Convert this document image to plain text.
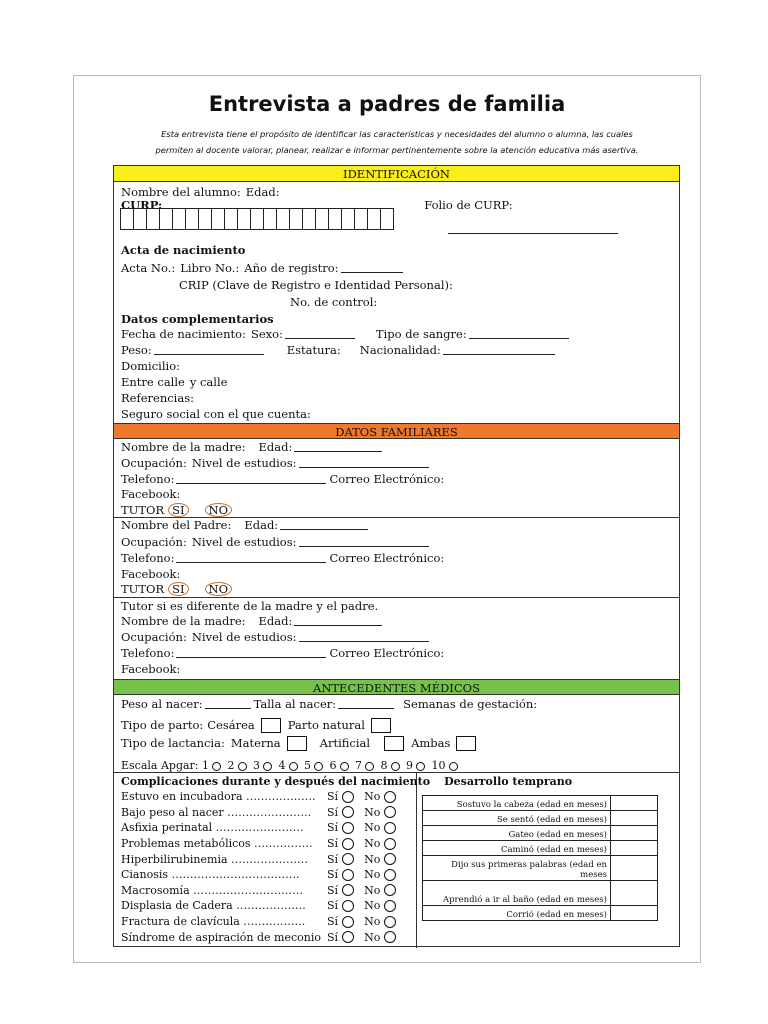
Entrevista a padres de familia
Esta entrevista tiene el propósito de identificar las características y necesidades del alumno o alumna, las cuales permiten al docente valorar, planear, realizar e informar pertinentemente sobre la atención educativa más asertiva.
IDENTIFICACIÓN
Nombre del alumno: Edad:
CURP:	Folio de CURP:
Acta de nacimiento
Acta No.: Libro No.: Año de registro:
CRIP (Clave de Registro e Identidad Personal):
No. de control:
Datos complementarios
Fecha de nacimiento: Sexo:	Tipo de sangre:
Peso:	Estatura: Nacionalidad:
Domicilio:
Entre calle y calle
Referencias:
Seguro social con el que cuenta:
DATOS FAMILIARES
Nombre de la madre: Edad:
Ocupación: Nivel de estudios:
Telefono:	Correo Electrónico:
Facebook:
TUTOR SI	NO
Nombre del Padre: Edad:
Ocupación: Nivel de estudios:
Telefono:	Correo Electrónico:
Facebook:
TUTOR SI	NO
Tutor si es diferente de la madre y el padre.
Nombre de la madre: Edad:
Ocupación: Nivel de estudios:
Telefono:	Correo Electrónico:
Facebook:
ANTECEDENTES MÉDICOS
Peso al nacer:	Talla al nacer:	Semanas de gestación:
Tipo de parto: Cesárea	Parto natural
Tipo de lactancia: Materna	Artificial	Ambas
Escala Apgar: 1 2 3 4 5 6 7 8 9 10
Complicaciones durante y después del nacimiento Desarrollo temprano
Estuvo en incubadora ……………….	Sí No
Bajo peso al nacer …………………..	Sí No
Asfixia perinatal ……………………	Sí No
Problemas metabólicos …………….	Sí No
Hiperbilirubinemia …………………	Sí No
Cianosis ……………………………..	Sí No
Macrosomía …………………………	Sí No
Displasia de Cadera ……………….	Sí No
Fractura de clavícula ……………..	Sí No
Síndrome de aspiración de meconio Sí No
Sostuvo la cabeza (edad en meses)	
Se sentó (edad en meses)	
Gateo (edad en meses)	
Caminó (edad en meses)	
Dijo sus primeras palabras (edad en meses	
Aprendió a ir al baño (edad en meses)	
Corrió (edad en meses)	
